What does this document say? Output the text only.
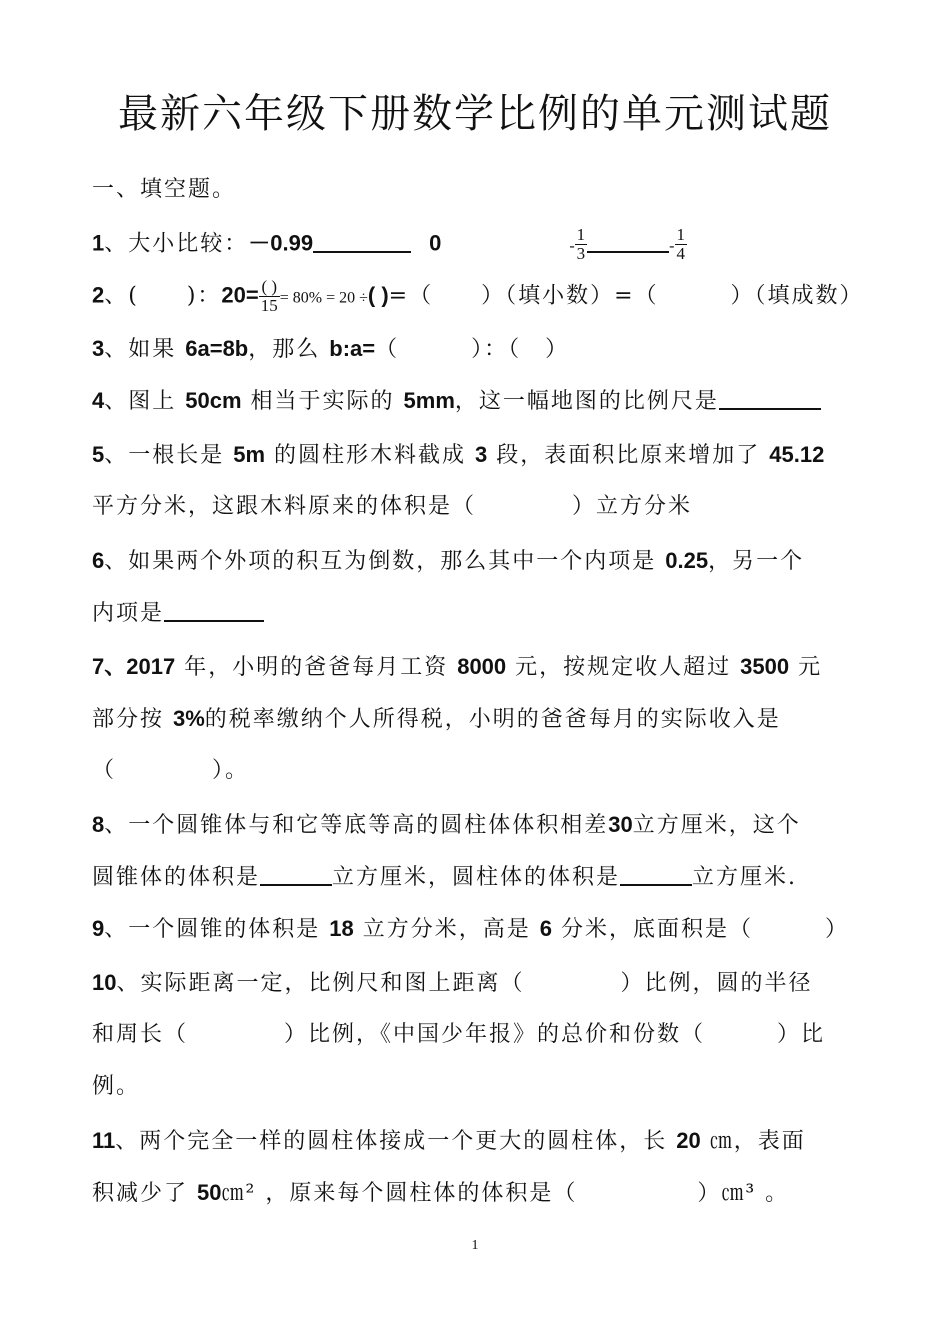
最新六年级下册数学比例的单元测试题
一、填空题。
1、大小比较：－0.99	0	- $\frac{1}{3}$	- $\frac{1}{4}$
2、(　　)：$20= \frac{( )}{15} = 80\% = 20$ ÷( )=（　　）（填小数）=（　　　）（填成数）
3、如果 6a=8b，那么 b:a=（　　　）：（　）
4、图上 50cm 相当于实际的 5mm，这一幅地图的比例尺是
5、一根长是 5m 的圆柱形木料截成 3 段，表面积比原来增加了 45.12
平方分米，这跟木料原来的体积是（　　　　）立方分米
6、如果两个外项的积互为倒数，那么其中一个内项是 0.25，另一个
内项是
7、2017 年，小明的爸爸每月工资 8000 元，按规定收人超过 3500 元
部分按 3%的税率缴纳个人所得税，小明的爸爸每月的实际收入是
（　　　　）。
8、一个圆锥体与和它等底等高的圆柱体体积相差30立方厘米，这个
圆锥体的体积是	立方厘米，圆柱体的体积是	立方厘米.
9、一个圆锥的体积是 18 立方分米，高是 6 分米，底面积是（　　　）
10、实际距离一定，比例尺和图上距离（　　　　）比例，圆的半径
和周长（　　　　）比例，《中国少年报》的总价和份数（　　　）比
例。
11、两个完全一样的圆柱体接成一个更大的圆柱体，长 20 ㎝，表面
积减少了 50㎝² ，原来每个圆柱体的体积是（　　　　　）㎝³ 。
1
